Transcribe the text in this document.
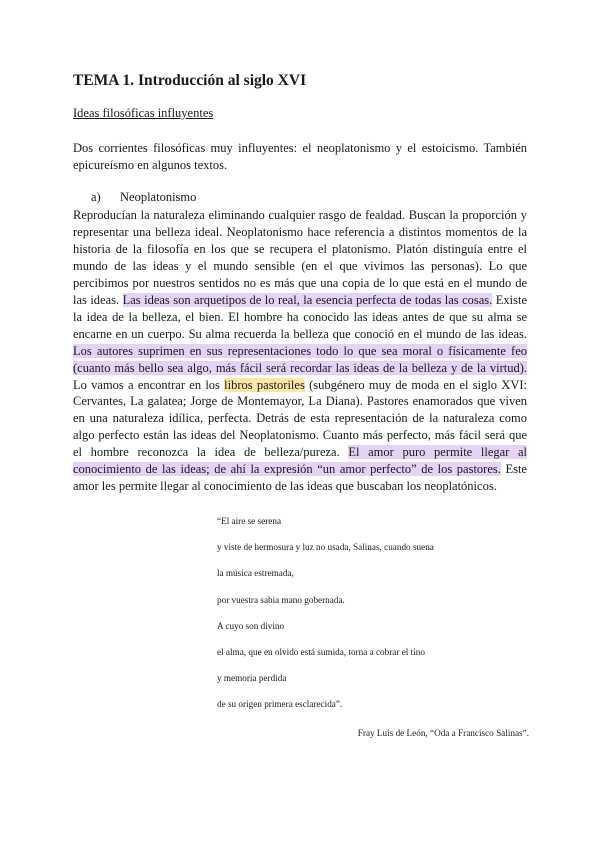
TEMA 1. Introducción al siglo XVI

Ideas filosóficas influyentes

Dos corrientes filosóficas muy influyentes: el neoplatonismo y el estoicismo. También epicureísmo en algunos textos.

a) Neoplatonismo

Reproducían la naturaleza eliminando cualquier rasgo de fealdad. Buscan la proporción y representar una belleza ideal. Neoplatonismo hace referencia a distintos momentos de la historia de la filosofía en los que se recupera el platonismo. Platón distinguía entre el mundo de las ideas y el mundo sensible (en el que vivimos las personas). Lo que percibimos por nuestros sentidos no es más que una copia de lo que está en el mundo de las ideas. Las ideas son arquetipos de lo real, la esencia perfecta de todas las cosas. Existe la idea de la belleza, el bien. El hombre ha conocido las ideas antes de que su alma se encarne en un cuerpo. Su alma recuerda la belleza que conoció en el mundo de las ideas. Los autores suprimen en sus representaciones todo lo que sea moral o físicamente feo (cuanto más bello sea algo, más fácil será recordar las ideas de la belleza y de la virtud). Lo vamos a encontrar en los libros pastoriles (subgénero muy de moda en el siglo XVI: Cervantes, La galatea; Jorge de Montemayor, La Diana). Pastores enamorados que viven en una naturaleza idílica, perfecta. Detrás de esta representación de la naturaleza como algo perfecto están las ideas del Neoplatonismo. Cuanto más perfecto, más fácil será que el hombre reconozca la idea de belleza/pureza. El amor puro permite llegar al conocimiento de las ideas; de ahí la expresión “un amor perfecto” de los pastores. Este amor les permite llegar al conocimiento de las ideas que buscaban los neoplatónicos.

“El aire se serena
y viste de hermosura y luz no usada, Salinas, cuando suena
la música estremada,
por vuestra sabia mano gobernada.
A cuyo son divino
el alma, que en olvido está sumida, torna a cobrar el tino
y memoria perdida
de su origen primera esclarecida”.
Fray Luis de León, “Oda a Francisco Salinas”.
